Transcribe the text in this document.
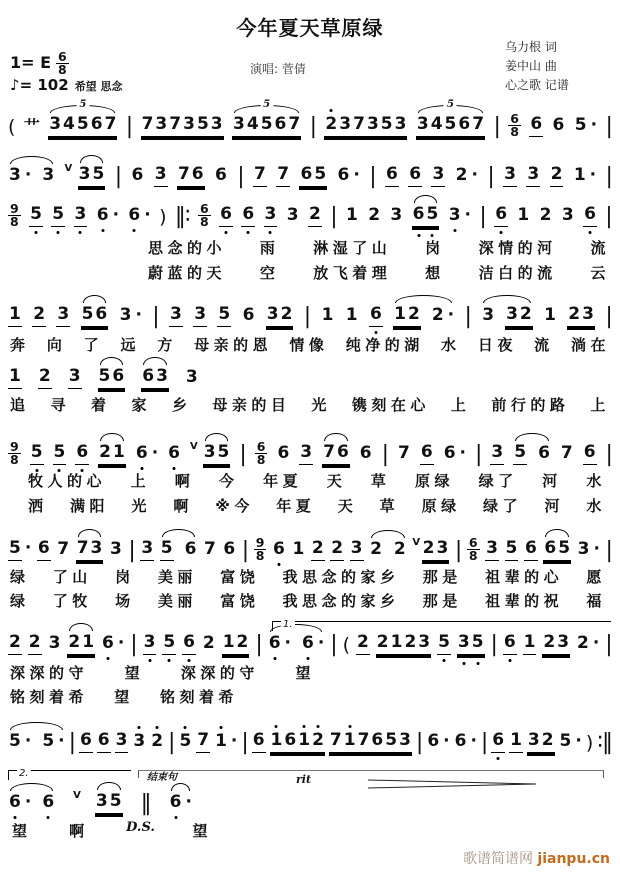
今年夏天草原绿
1= E $\frac{6}{8}$
♪= 102 希望 思念
演唱: 菅倩
乌力根 词
姜中山 曲
心之歌 记谱
( 艹
5
3 4 5 6 7 | 7 3 7 3 5 3
5
3 4 5 6 7 | 2 3 7 3 5 3
5
3 4 5 6 7 | $\frac{6}{8} 6$ 6 5 · |
3 · 3 V 3 5 | 6 3 7 6 6 | 7 7 6 5 6 · | 6 6 3 2 · | 3 3 2 1 · |
$\frac{9}{8} 5$ 5 3 6 · 6 · ) ‖∶ $\frac{6}{8} 6$ 6 3 3 2 | 1 2 3 6 5 3 · | 6 1 2 3 6 |
1 2 3 5 6 3 · | 3 3 5 6 3 2 | 1 1 6 1 2 2 · | 3 3 2 1 2 3 |
1 2 3 5 6 6 3 3
$\frac{9}{8} 5$ 5 6 2 1 6 · 6 V 3 5 | $\frac{6}{8} 6$ 3 7 6 6 | 7 6 6 · | 3 5 6 7 6 |
5 · 6 7 7 3 3 | 3 5 6 7 6 | $\frac{9}{8} 6$ 1 2 2 3 2 2 V 2 3 | $\frac{6}{8} 3$ 5 6 6 5 3 · |
2 2 3 2 1 6 · | 3 5 6 2 1 2 | 6 · 6 · | ( 2 2 1 2 3 5 3 5 | 6 1 2 3 2 · |
5 · 5 · | 6 6 3 3 2 | 5 7 1 · | 6 1 6 1 2 7 1 7 6 5 3 | 6 · 6 · | 6 1 3 2 5 · ) ∶‖
6 · 6 V 3 5 ‖ 6 ·
思念的小 雨 淋湿了山 岗 深情的河 流
蔚蓝的天 空 放飞着理 想 洁白的流 云
奔 向 了 远 方 母亲的恩 情像 纯净的湖 水 日夜 流 淌在
追 寻 着 家 乡 母亲的目 光 镌刻在心 上 前行的路 上
牧人的心 上 啊 今 年夏 天 草 原绿 绿了 河 水
洒 满阳 光 啊 ※今 年夏 天 草 原绿 绿了 河 水
绿 了山 岗 美丽 富饶 我思念的家乡 那是 祖辈的心 愿
绿 了牧 场 美丽 富饶 我思念的家乡 那是 祖辈的祝 福
深深的守 望 深深的守 望
铭刻着希 望 铭刻着希
望	啊	D.S.	望
1.
2.	结束句	rit
歌谱简谱网 jianpu.cn
